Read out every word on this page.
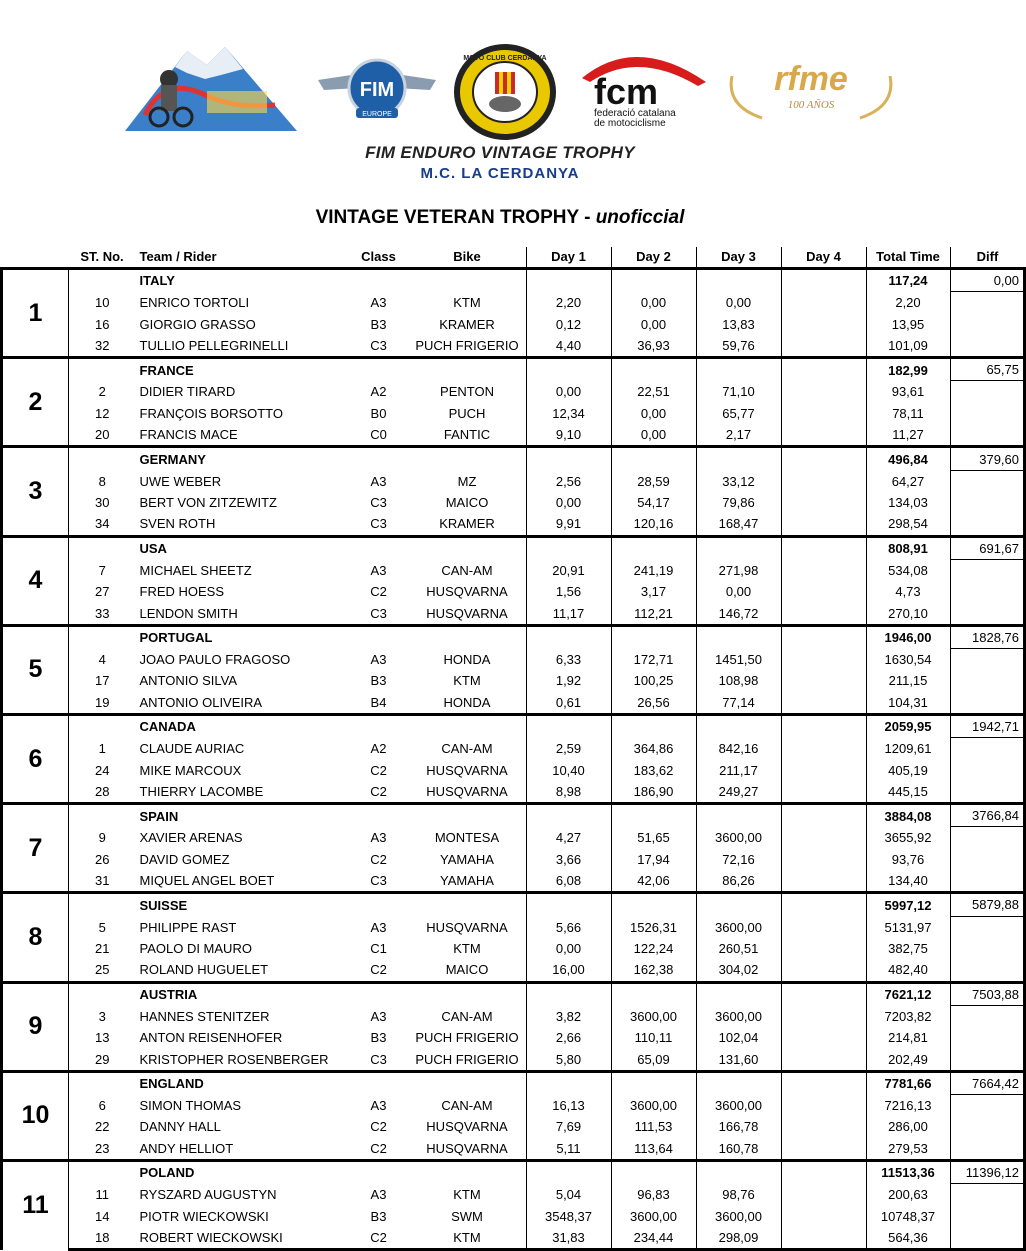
FIM
EUROPE
MOTO CLUB CERDANYA
fcm
federació catalana
de motociclisme
rfme
100 AÑOS
FIM ENDURO VINTAGE TROPHY
M.C. LA CERDANYA
VINTAGE VETERAN TROPHY - unoficcial
	ST. No.	Team / Rider	Class	Bike	Day 1	Day 2	Day 3	Day 4	Total Time	Diff
1		ITALY							117,24	0,00
	10	ENRICO TORTOLI	A3	KTM	2,20	0,00	0,00		2,20	
	16	GIORGIO GRASSO	B3	KRAMER	0,12	0,00	13,83		13,95	
	32	TULLIO PELLEGRINELLI	C3	PUCH FRIGERIO	4,40	36,93	59,76		101,09	
2		FRANCE							182,99	65,75
	2	DIDIER TIRARD	A2	PENTON	0,00	22,51	71,10		93,61	
	12	FRANÇOIS BORSOTTO	B0	PUCH	12,34	0,00	65,77		78,11	
	20	FRANCIS MACE	C0	FANTIC	9,10	0,00	2,17		11,27	
3		GERMANY							496,84	379,60
	8	UWE WEBER	A3	MZ	2,56	28,59	33,12		64,27	
	30	BERT VON ZITZEWITZ	C3	MAICO	0,00	54,17	79,86		134,03	
	34	SVEN ROTH	C3	KRAMER	9,91	120,16	168,47		298,54	
4		USA							808,91	691,67
	7	MICHAEL SHEETZ	A3	CAN-AM	20,91	241,19	271,98		534,08	
	27	FRED HOESS	C2	HUSQVARNA	1,56	3,17	0,00		4,73	
	33	LENDON SMITH	C3	HUSQVARNA	11,17	112,21	146,72		270,10	
5		PORTUGAL							1946,00	1828,76
	4	JOAO PAULO FRAGOSO	A3	HONDA	6,33	172,71	1451,50		1630,54	
	17	ANTONIO SILVA	B3	KTM	1,92	100,25	108,98		211,15	
	19	ANTONIO OLIVEIRA	B4	HONDA	0,61	26,56	77,14		104,31	
6		CANADA							2059,95	1942,71
	1	CLAUDE AURIAC	A2	CAN-AM	2,59	364,86	842,16		1209,61	
	24	MIKE MARCOUX	C2	HUSQVARNA	10,40	183,62	211,17		405,19	
	28	THIERRY LACOMBE	C2	HUSQVARNA	8,98	186,90	249,27		445,15	
7		SPAIN							3884,08	3766,84
	9	XAVIER ARENAS	A3	MONTESA	4,27	51,65	3600,00		3655,92	
	26	DAVID GOMEZ	C2	YAMAHA	3,66	17,94	72,16		93,76	
	31	MIQUEL ANGEL BOET	C3	YAMAHA	6,08	42,06	86,26		134,40	
8		SUISSE							5997,12	5879,88
	5	PHILIPPE RAST	A3	HUSQVARNA	5,66	1526,31	3600,00		5131,97	
	21	PAOLO DI MAURO	C1	KTM	0,00	122,24	260,51		382,75	
	25	ROLAND HUGUELET	C2	MAICO	16,00	162,38	304,02		482,40	
9		AUSTRIA							7621,12	7503,88
	3	HANNES STENITZER	A3	CAN-AM	3,82	3600,00	3600,00		7203,82	
	13	ANTON REISENHOFER	B3	PUCH FRIGERIO	2,66	110,11	102,04		214,81	
	29	KRISTOPHER ROSENBERGER	C3	PUCH FRIGERIO	5,80	65,09	131,60		202,49	
10		ENGLAND							7781,66	7664,42
	6	SIMON THOMAS	A3	CAN-AM	16,13	3600,00	3600,00		7216,13	
	22	DANNY HALL	C2	HUSQVARNA	7,69	111,53	166,78		286,00	
	23	ANDY HELLIOT	C2	HUSQVARNA	5,11	113,64	160,78		279,53	
11		POLAND							11513,36	11396,12
	11	RYSZARD AUGUSTYN	A3	KTM	5,04	96,83	98,76		200,63	
	14	PIOTR WIECKOWSKI	B3	SWM	3548,37	3600,00	3600,00		10748,37	
	18	ROBERT WIECKOWSKI	C2	KTM	31,83	234,44	298,09		564,36	
